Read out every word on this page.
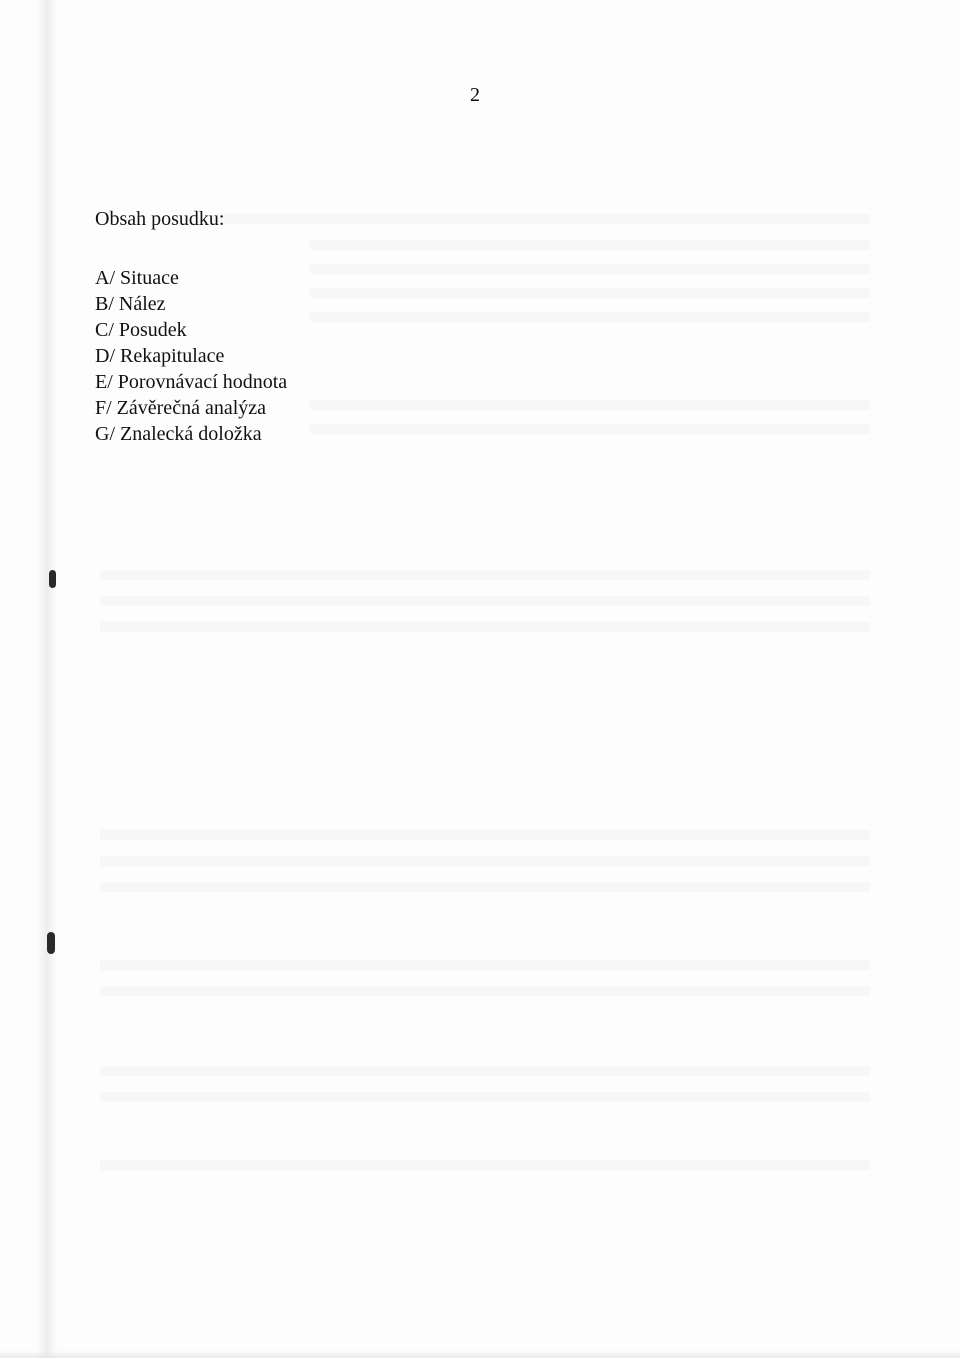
2
Obsah posudku:
A/ Situace
B/ Nález
C/ Posudek
D/ Rekapitulace
E/ Porovnávací hodnota
F/ Závěrečná analýza
G/ Znalecká doložka
